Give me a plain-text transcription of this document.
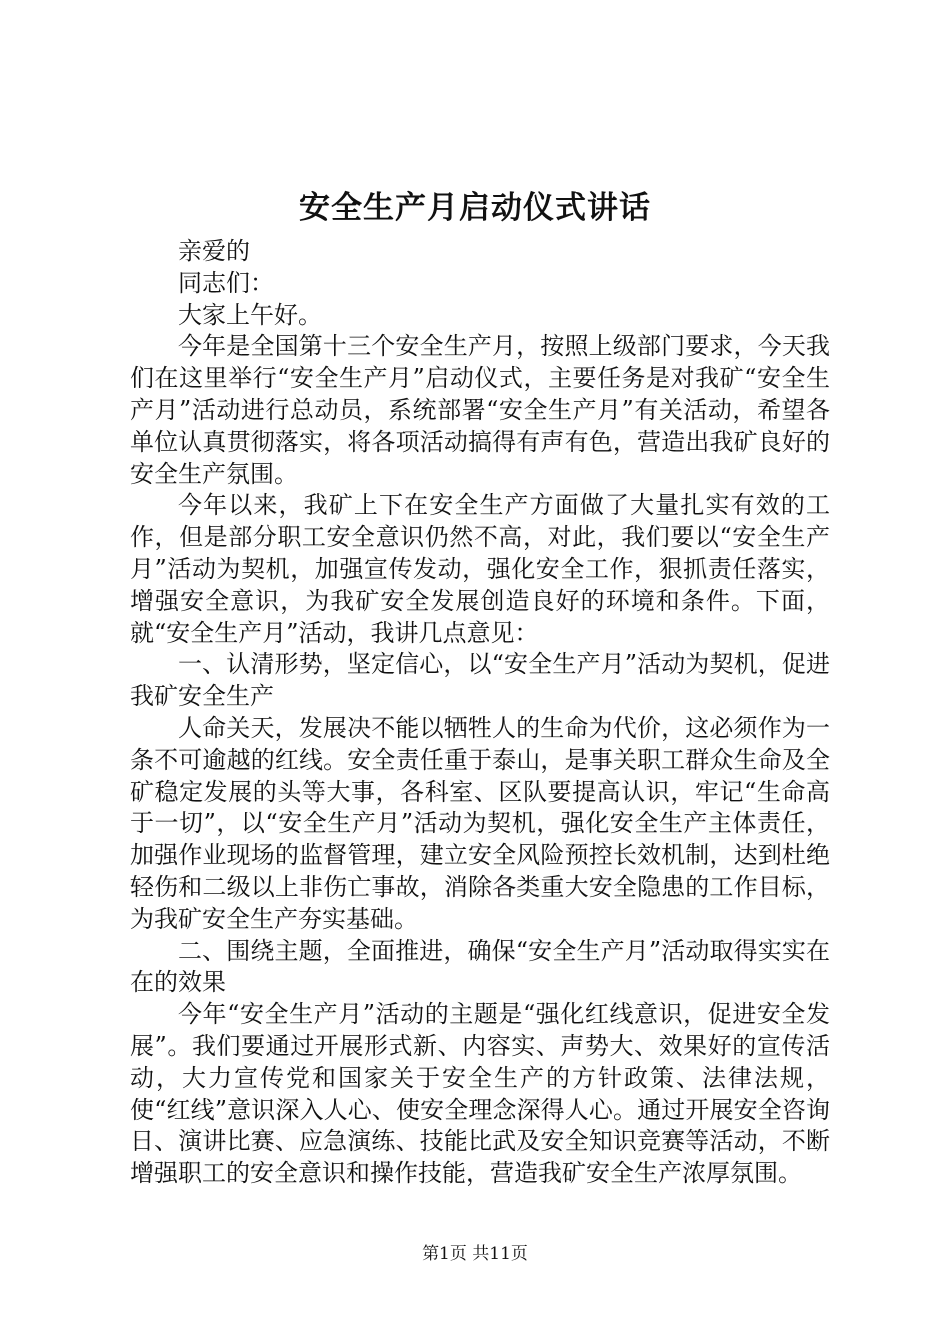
安全生产月启动仪式讲话

亲爱的

同志们：

大家上午好。

今年是全国第十三个安全生产月，按照上级部门要求，今天我们在这里举行“安全生产月”启动仪式，主要任务是对我矿“安全生产月”活动进行总动员，系统部署“安全生产月”有关活动，希望各单位认真贯彻落实，将各项活动搞得有声有色，营造出我矿良好的安全生产氛围。

今年以来，我矿上下在安全生产方面做了大量扎实有效的工作，但是部分职工安全意识仍然不高，对此，我们要以“安全生产月”活动为契机，加强宣传发动，强化安全工作，狠抓责任落实，增强安全意识，为我矿安全发展创造良好的环境和条件。下面，就“安全生产月”活动，我讲几点意见：

一、认清形势，坚定信心，以“安全生产月”活动为契机，促进我矿安全生产

人命关天，发展决不能以牺牲人的生命为代价，这必须作为一条不可逾越的红线。安全责任重于泰山，是事关职工群众生命及全矿稳定发展的头等大事，各科室、区队要提高认识，牢记“生命高于一切”，以“安全生产月”活动为契机，强化安全生产主体责任，加强作业现场的监督管理，建立安全风险预控长效机制，达到杜绝轻伤和二级以上非伤亡事故，消除各类重大安全隐患的工作目标，为我矿安全生产夯实基础。

二、围绕主题，全面推进，确保“安全生产月”活动取得实实在在的效果

今年“安全生产月”活动的主题是“强化红线意识，促进安全发展”。我们要通过开展形式新、内容实、声势大、效果好的宣传活动，大力宣传党和国家关于安全生产的方针政策、法律法规，使“红线”意识深入人心、使安全理念深得人心。通过开展安全咨询日、演讲比赛、应急演练、技能比武及安全知识竞赛等活动，不断增强职工的安全意识和操作技能，营造我矿安全生产浓厚氛围。

第1页 共11页
